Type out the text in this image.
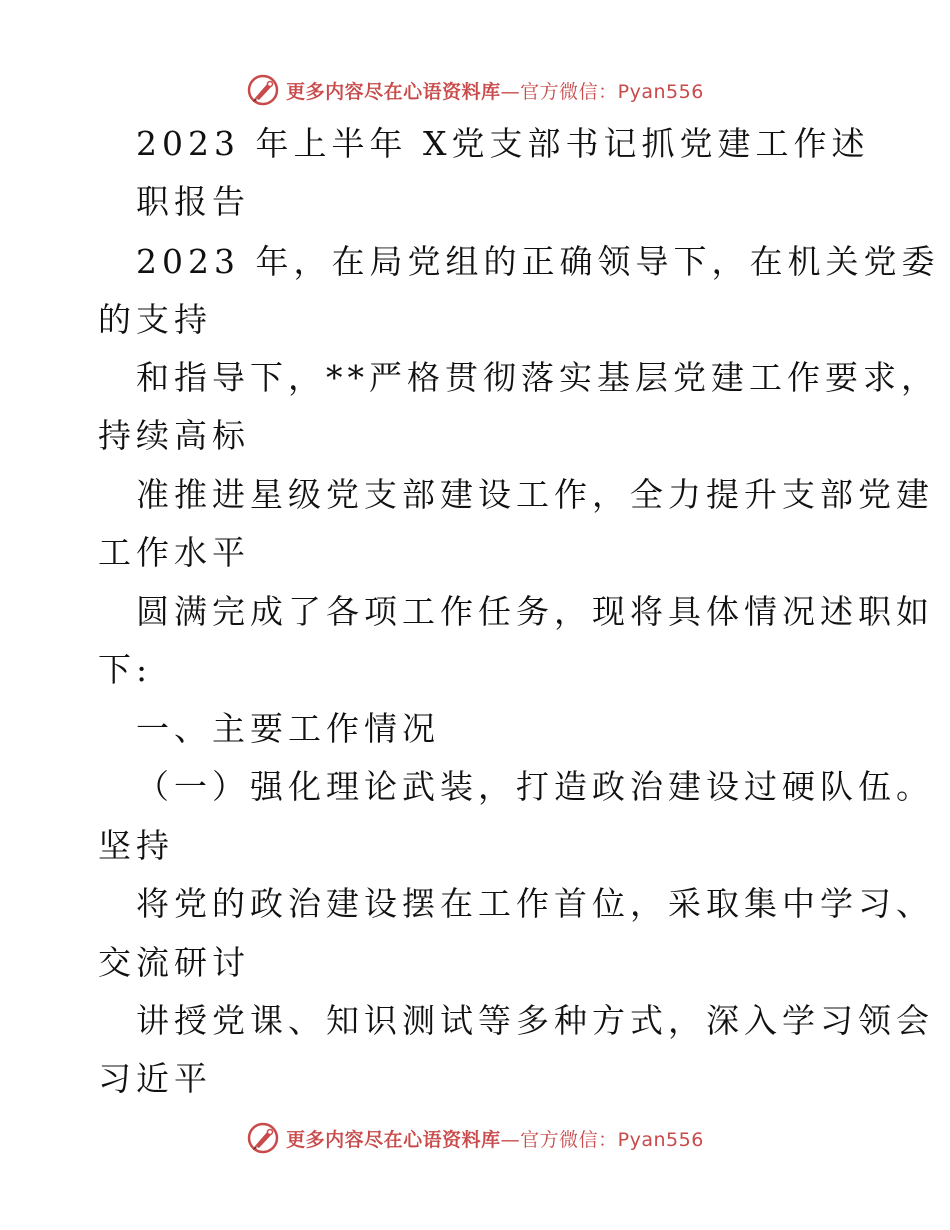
更多内容尽在心语资料库—官方微信：Pyan556
2023 年上半年 X党支部书记抓党建工作述
职报告
2023 年，在局党组的正确领导下，在机关党委
的支持
和指导下，**严格贯彻落实基层党建工作要求，
持续高标
准推进星级党支部建设工作，全力提升支部党建
工作水平
圆满完成了各项工作任务，现将具体情况述职如
下:
一、主要工作情况
（一）强化理论武装，打造政治建设过硬队伍。
坚持
将党的政治建设摆在工作首位，采取集中学习、
交流研讨
讲授党课、知识测试等多种方式，深入学习领会
习近平
更多内容尽在心语资料库—官方微信：Pyan556
